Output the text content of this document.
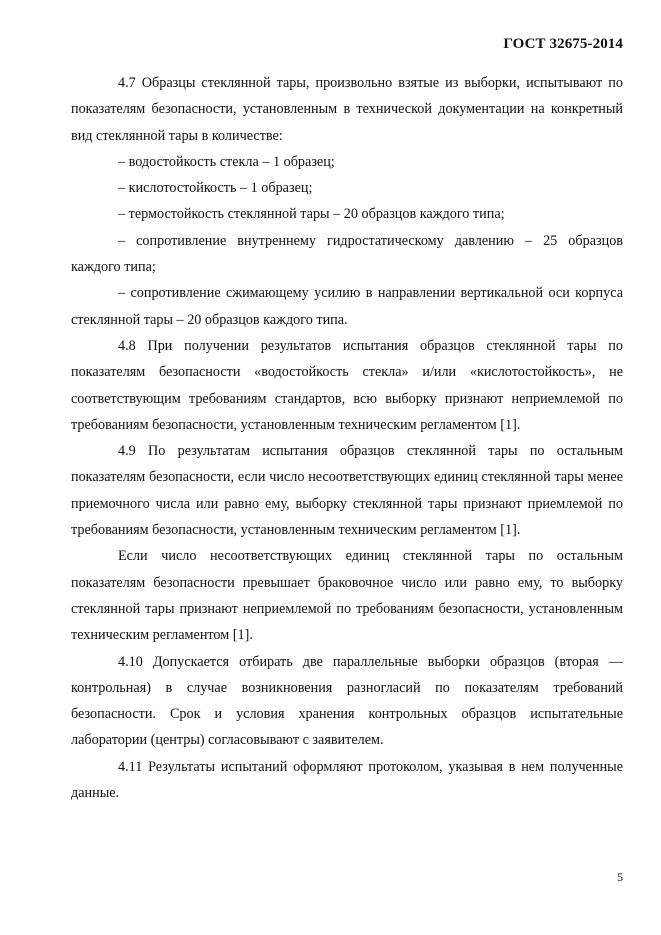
ГОСТ 32675-2014

4.7 Образцы стеклянной тары, произвольно взятые из выборки, испытывают по показателям безопасности, установленным в технической документации на конкретный вид стеклянной тары в количестве:

– водостойкость стекла – 1 образец;

– кислотостойкость – 1 образец;

– термостойкость стеклянной тары – 20 образцов каждого типа;

– сопротивление внутреннему гидростатическому давлению – 25 образцов каждого типа;

– сопротивление сжимающему усилию в направлении вертикальной оси корпуса стеклянной тары – 20 образцов каждого типа.

4.8 При получении результатов испытания образцов стеклянной тары по показателям безопасности «водостойкость стекла» и/или «кислотостойкость», не соответствующим требованиям стандартов, всю выборку признают неприемлемой по требованиям безопасности, установленным техническим регламентом [1].

4.9 По результатам испытания образцов стеклянной тары по остальным показателям безопасности, если число несоответствующих единиц стеклянной тары менее приемочного числа или равно ему, выборку стеклянной тары признают приемлемой по требованиям безопасности, установленным техническим регламентом [1].

Если число несоответствующих единиц стеклянной тары по остальным показателям безопасности превышает браковочное число или равно ему, то выборку стеклянной тары признают неприемлемой по требованиям безопасности, установленным техническим регламентом [1].

4.10 Допускается отбирать две параллельные выборки образцов (вторая — контрольная) в случае возникновения разногласий по показателям требований безопасности. Срок и условия хранения контрольных образцов испытательные лаборатории (центры) согласовывают с заявителем.

4.11 Результаты испытаний оформляют протоколом, указывая в нем полученные данные.

5
